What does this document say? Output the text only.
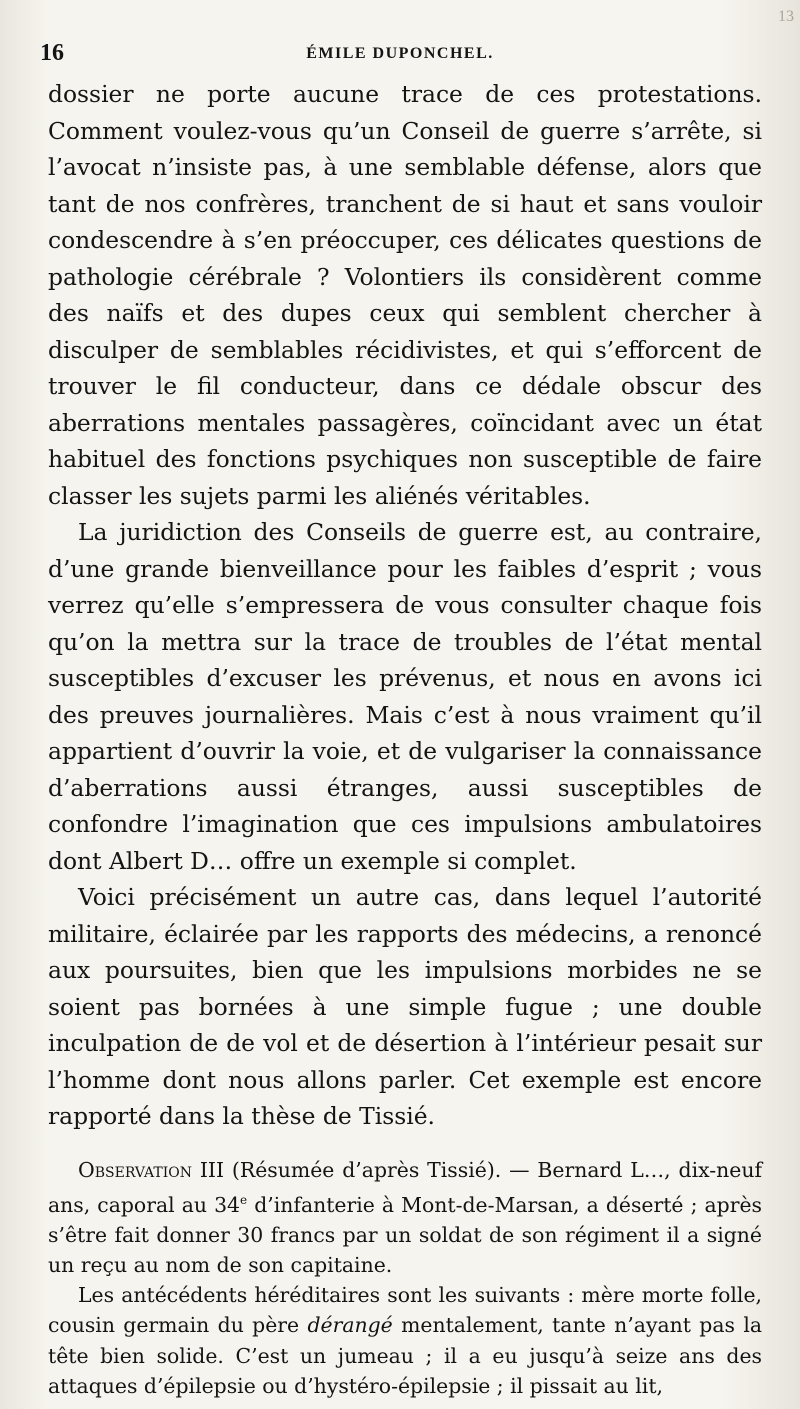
13
16	ÉMILE DUPONCHEL.

dossier ne porte aucune trace de ces protestations. Comment voulez-vous qu’un Conseil de guerre s’arrête, si l’avocat n’insiste pas, à une semblable défense, alors que tant de nos confrères, tranchent de si haut et sans vouloir condescendre à s’en préoccuper, ces délicates questions de pathologie cérébrale ? Volontiers ils considèrent comme des naïfs et des dupes ceux qui semblent chercher à disculper de semblables récidivistes, et qui s’efforcent de trouver le fil conducteur, dans ce dédale obscur des aberrations mentales passagères, coïncidant avec un état habituel des fonctions psychiques non susceptible de faire classer les sujets parmi les aliénés véritables.

La juridiction des Conseils de guerre est, au contraire, d’une grande bienveillance pour les faibles d’esprit ; vous verrez qu’elle s’empressera de vous consulter chaque fois qu’on la mettra sur la trace de troubles de l’état mental susceptibles d’excuser les prévenus, et nous en avons ici des preuves journalières. Mais c’est à nous vraiment qu’il appartient d’ouvrir la voie, et de vulgariser la connaissance d’aberrations aussi étranges, aussi susceptibles de confondre l’imagination que ces impulsions ambulatoires dont Albert D… offre un exemple si complet.

Voici précisément un autre cas, dans lequel l’autorité militaire, éclairée par les rapports des médecins, a renoncé aux poursuites, bien que les impulsions morbides ne se soient pas bornées à une simple fugue ; une double inculpation de de vol et de désertion à l’intérieur pesait sur l’homme dont nous allons parler. Cet exemple est encore rapporté dans la thèse de Tissié.

Observation III (Résumée d’après Tissié). — Bernard L…, dix-neuf ans, caporal au 34e d’infanterie à Mont-de-Marsan, a déserté ; après s’être fait donner 30 francs par un soldat de son régiment il a signé un reçu au nom de son capitaine.

Les antécédents héréditaires sont les suivants : mère morte folle, cousin germain du père dérangé mentalement, tante n’ayant pas la tête bien solide. C’est un jumeau ; il a eu jusqu’à seize ans des attaques d’épilepsie ou d’hystéro-épilepsie ; il pissait au lit,
